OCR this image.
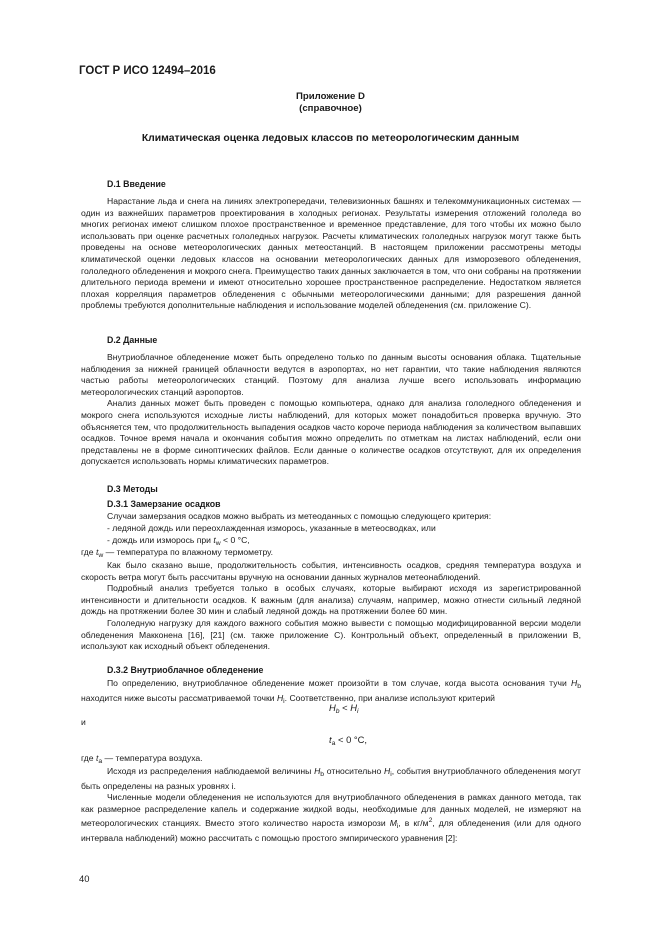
ГОСТ Р ИСО 12494–2016
Приложение D
(справочное)
Климатическая оценка ледовых классов по метеорологическим данным
D.1 Введение

Нарастание льда и снега на линиях электропередачи, телевизионных башнях и телекоммуникационных системах — один из важнейших параметров проектирования в холодных регионах. Результаты измерения отложений гололеда во многих регионах имеют слишком плохое пространственное и временное представление, для того чтобы их можно было использовать при оценке расчетных гололедных нагрузок. Расчеты климатических гололедных нагрузок могут также быть проведены на основе метеорологических данных метеостанций. В настоящем приложении рассмотрены методы климатической оценки ледовых классов на основании метеорологических данных для изморозевого обледенения, гололедного обледенения и мокрого снега. Преимущество таких данных заключается в том, что они собраны на протяжении длительного периода времени и имеют относительно хорошее пространственное распределение. Недостатком является плохая корреляция параметров обледенения с обычными метеорологическими данными; для разрешения данной проблемы требуются дополнительные наблюдения и использование моделей обледенения (см. приложение С).

D.2 Данные

Внутриоблачное обледенение может быть определено только по данным высоты основания облака. Тщательные наблюдения за нижней границей облачности ведутся в аэропортах, но нет гарантии, что такие наблюдения являются частью работы метеорологических станций. Поэтому для анализа лучше всего использовать информацию метеорологических станций аэропортов.

Анализ данных может быть проведен с помощью компьютера, однако для анализа гололедного обледенения и мокрого снега используются исходные листы наблюдений, для которых может понадобиться проверка вручную. Это объясняется тем, что продолжительность выпадения осадков часто короче периода наблюдения за количеством выпавших осадков. Точное время начала и окончания события можно определить по отметкам на листах наблюдений, если они представлены не в форме синоптических файлов. Если данные о количестве осадков отсутствуют, для их определения допускается использовать нормы климатических параметров.

D.3 Методы
D.3.1 Замерзание осадков
Случаи замерзания осадков можно выбрать из метеоданных с помощью следующего критерия:
- ледяной дождь или переохлажденная изморось, указанные в метеосводках, или
- дождь или изморось при $t_w < 0$ °C,
где $t_w$ — температура по влажному термометру.

Как было сказано выше, продолжительность события, интенсивность осадков, средняя температура воздуха и скорость ветра могут быть рассчитаны вручную на основании данных журналов метеонаблюдений.

Подробный анализ требуется только в особых случаях, которые выбирают исходя из зарегистрированной интенсивности и длительности осадков. К важным (для анализа) случаям, например, можно отнести сильный ледяной дождь на протяжении более 30 мин и слабый ледяной дождь на протяжении более 60 мин.

Гололедную нагрузку для каждого важного события можно вывести с помощью модифицированной версии модели обледенения Макконена [16], [21] (см. также приложение С). Контрольный объект, определенный в приложении В, используют как исходный объект обледенения.

D.3.2 Внутриоблачное обледенение

По определению, внутриоблачное обледенение может произойти в том случае, когда высота основания тучи $H_b$ находится ниже высоты рассматриваемой точки $H_i$. Соответственно, при анализе используют критерий

$H_b < H_i$
и
$t_a < 0$ °C,
где $t_a$ — температура воздуха.

Исходя из распределения наблюдаемой величины $H_b$ относительно $H_i$, события внутриоблачного обледенения могут быть определены на разных уровнях i.

Численные модели обледенения не используются для внутриоблачного обледенения в рамках данного метода, так как размерное распределение капель и содержание жидкой воды, необходимые для данных моделей, не измеряют на метеорологических станциях. Вместо этого количество нароста изморози $M_i$, в $кг/м^2$, для обледенения (или для одного интервала наблюдений) можно рассчитать с помощью простого эмпирического уравнения [2]:

40
